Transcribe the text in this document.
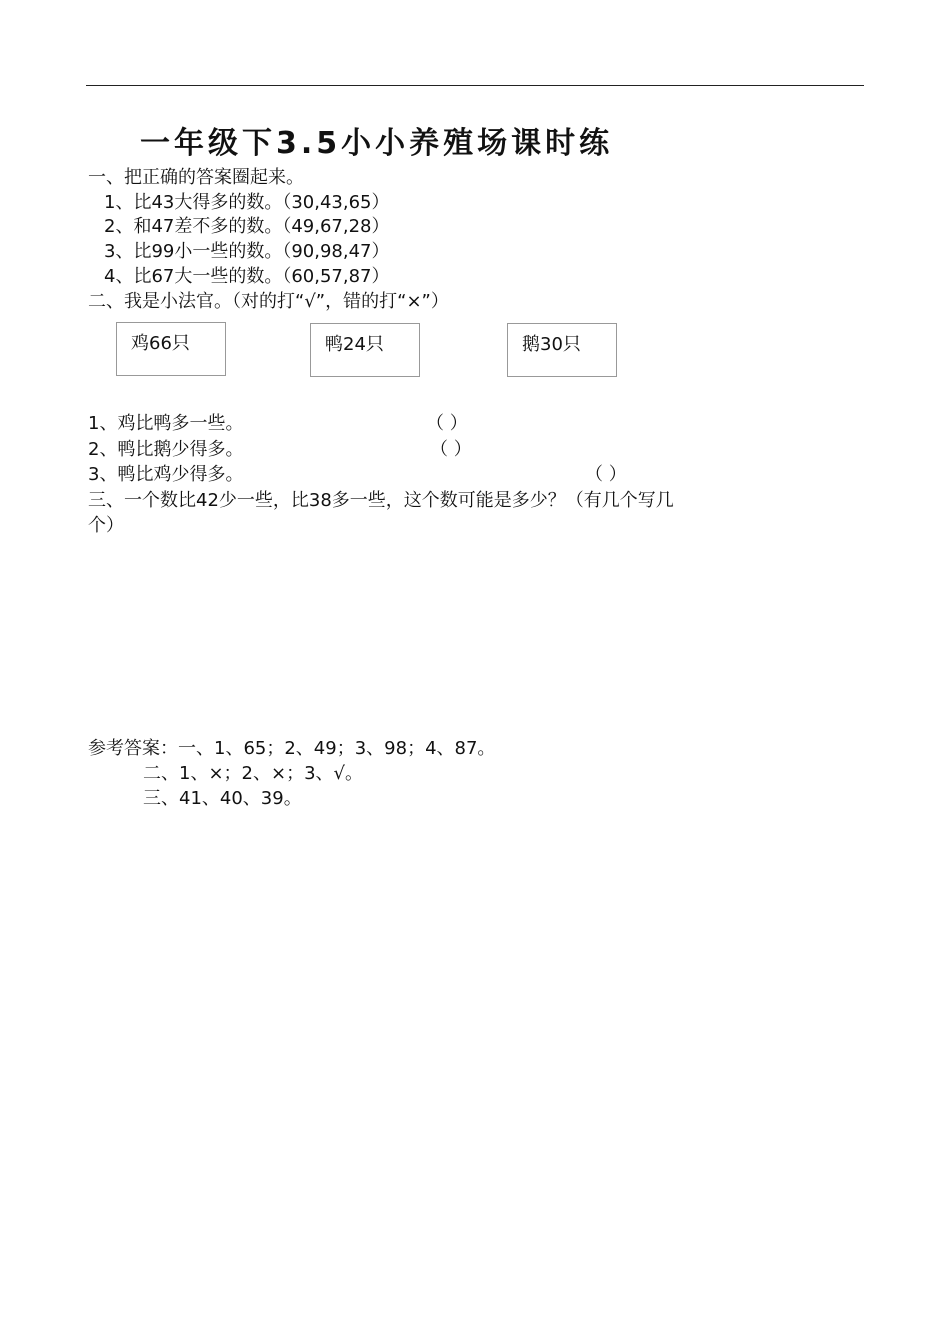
一年级下3.5小小养殖场课时练
一、把正确的答案圈起来。
1、比43大得多的数。（30,43,65）
2、和47差不多的数。（49,67,28）
3、比99小一些的数。（90,98,47）
4、比67大一些的数。（60,57,87）
二、我是小法官。（对的打“√”，错的打“×”）
鸡66只	鸭24只	鹅30只
1、鸡比鸭多一些。	（ ）
2、鸭比鹅少得多。	（ ）
3、鸭比鸡少得多。	（ ）
三、一个数比42少一些，比38多一些，这个数可能是多少？（有几个写几
个）
参考答案：一、1、65；2、49；3、98；4、87。
二、1、×；2、×；3、√。
三、41、40、39。
